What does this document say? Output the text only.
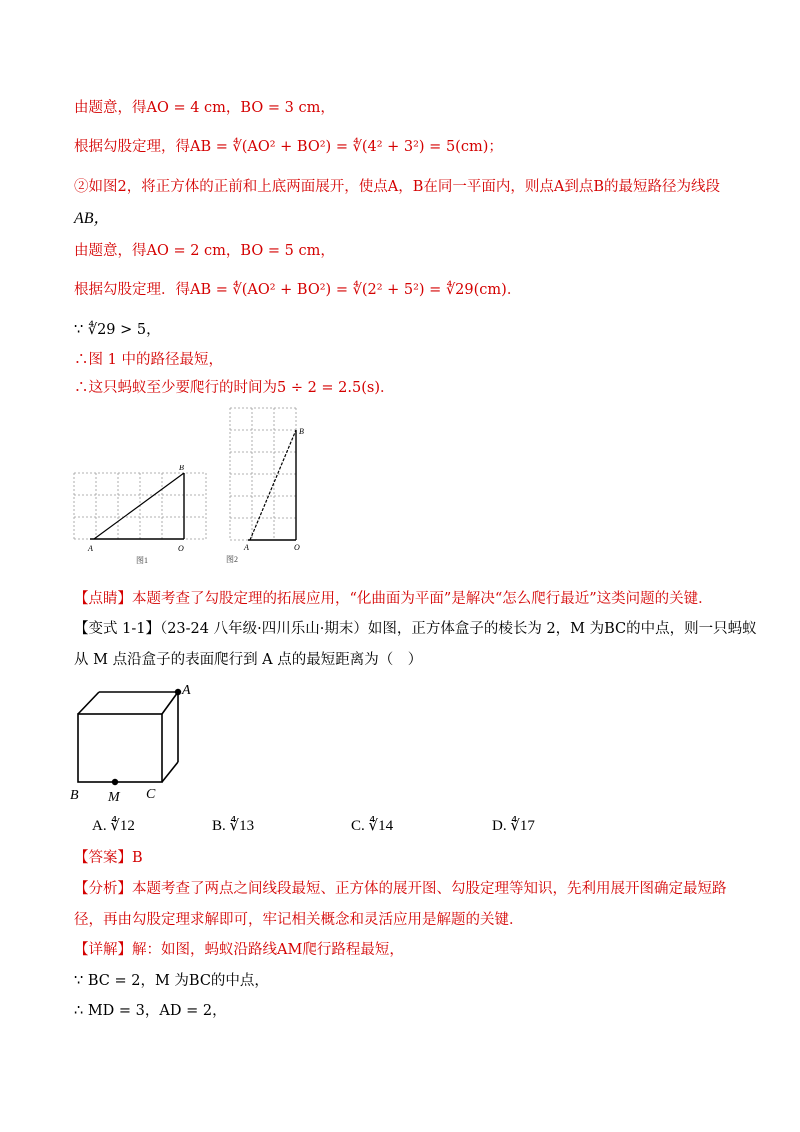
由题意，得AO = 4 cm，BO = 3 cm，
根据勾股定理，得AB = ∜(AO² + BO²) = ∜(4² + 3²) = 5(cm)；
②如图2，将正方体的正前和上底两面展开，使点A，B在同一平面内，则点A到点B的最短路径为线段
AB，
由题意，得AO = 2 cm，BO = 5 cm，
根据勾股定理．得AB = ∜(AO² + BO²) = ∜(2² + 5²) = ∜29(cm)．
∵ ∜29 > 5，
∴图 1 中的路径最短，
∴这只蚂蚁至少要爬行的时间为5 ÷ 2 = 2.5(s)．
A	O
B
图1
A	O
B
图2
【点睛】本题考查了勾股定理的拓展应用，“化曲面为平面”是解决“怎么爬行最近”这类问题的关键．
【变式 1-1】（23-24 八年级·四川乐山·期末）如图，正方体盒子的棱长为 2，M 为BC的中点，则一只蚂蚁
从 M 点沿盒子的表面爬行到 A 点的最短距离为（　）
A
B M C
A. ∜12	B. ∜13	C. ∜14	D. ∜17
【答案】B
【分析】本题考查了两点之间线段最短、正方体的展开图、勾股定理等知识，先利用展开图确定最短路
径，再由勾股定理求解即可，牢记相关概念和灵活应用是解题的关键．
【详解】解：如图，蚂蚁沿路线AM爬行路程最短，
∵ BC = 2，M 为BC的中点，
∴ MD = 3，AD = 2，
